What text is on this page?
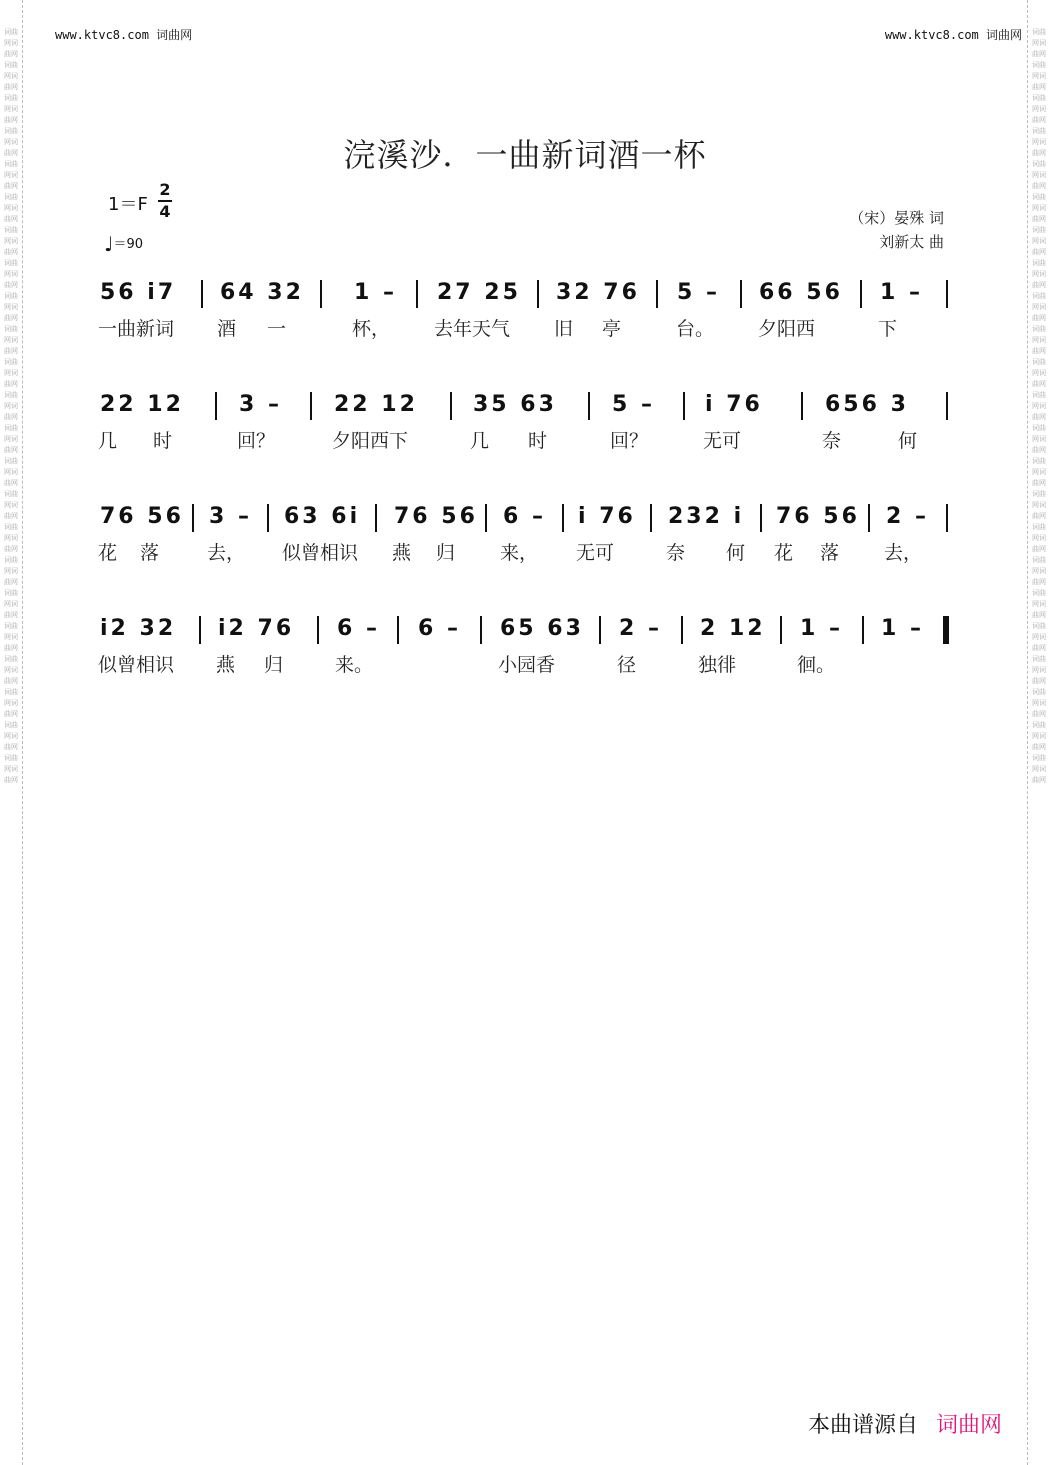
词曲网词曲网词曲网词曲网词曲网词曲网词曲网词曲网词曲网词曲网词曲网词曲网词曲网词曲网词曲网词曲网词曲网词曲网词曲网词曲网词曲网词曲网词曲网词曲网词曲网词曲网词曲网词曲网词曲网词曲网词曲网词曲网词曲网词曲网词曲网词曲网词曲网词曲网词曲网词曲网词曲网词曲网词曲网词曲网词曲网词曲网
词曲网词曲网词曲网词曲网词曲网词曲网词曲网词曲网词曲网词曲网词曲网词曲网词曲网词曲网词曲网词曲网词曲网词曲网词曲网词曲网词曲网词曲网词曲网词曲网词曲网词曲网词曲网词曲网词曲网词曲网词曲网词曲网词曲网词曲网词曲网词曲网词曲网词曲网词曲网词曲网词曲网词曲网词曲网词曲网词曲网词曲网
www.ktvc8.com 词曲网	www.ktvc8.com 词曲网
浣溪沙．一曲新词酒一杯
1＝F
2
4
♩＝90
（宋）晏殊 词
刘新太 曲
56 i7 64 32 1 – 27 25 32 76 5 – 66 56 1 –
一曲新词 酒 一	杯， 去年天气 旧 亭	台。 夕阳西	下
22 12	3 – 22 12	35 63	5 – i 76	656 3
几 时	回？	夕阳西下	几 时	回？	无可	奈	何
76 56 3 – 63 6i 76 56 6 – i 76 232 i 76 56 2 –
花 落	去， 似曾相识 燕 归 来， 无可	奈 何 花 落 去，
i2 32 i2 76 6 – 6 – 65 63 2 – 2 12 1 – 1 –
似曾相识 燕 归	来。	小园香	径	独徘	徊。
本曲谱源自 词曲网
